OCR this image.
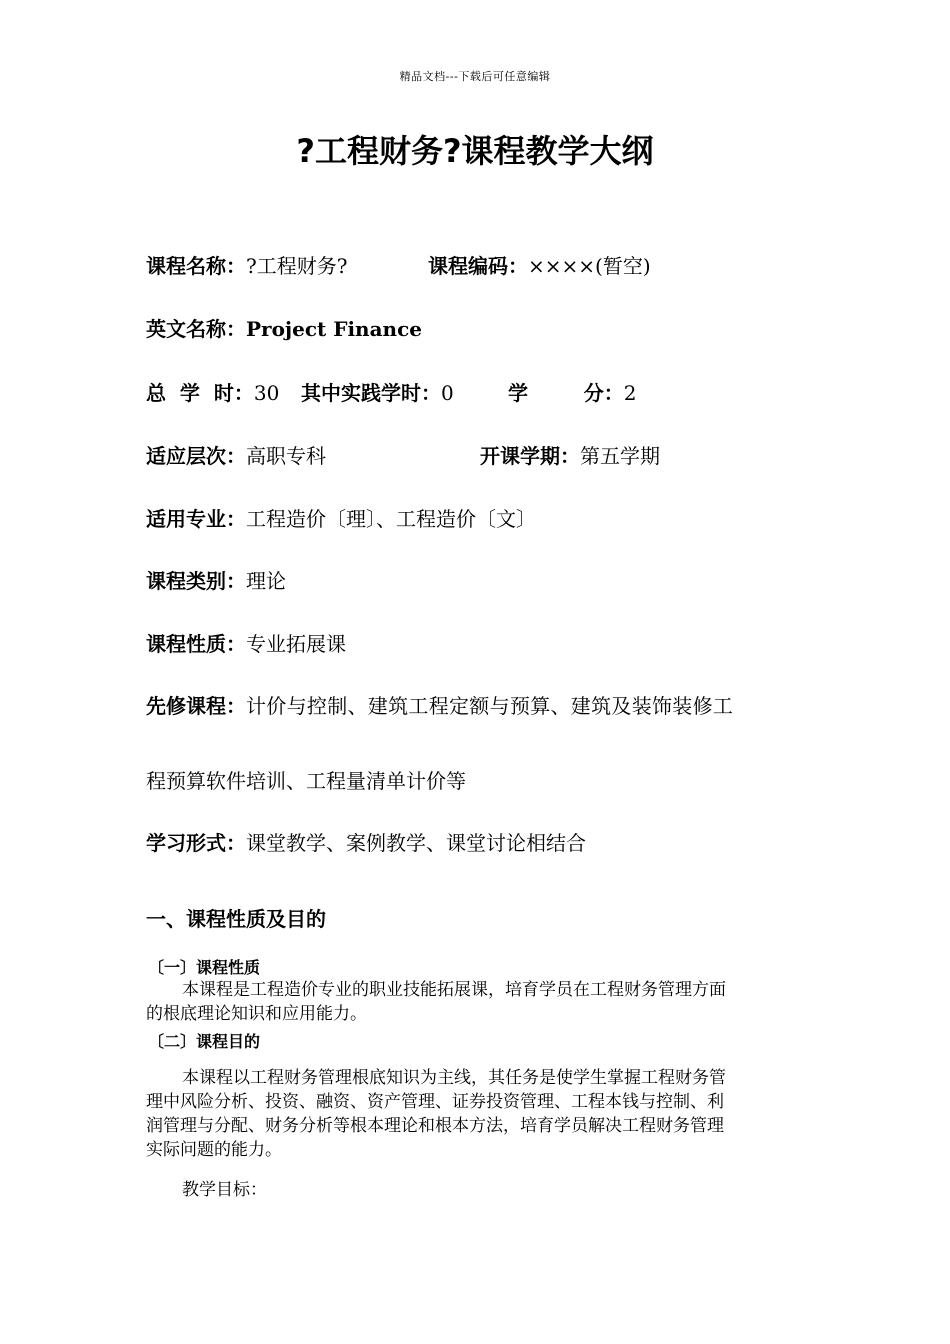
精品文档---下载后可任意编辑
?工程财务?课程教学大纲
课程名称：?工程财务?	课程编码：××××(暂空)
英文名称：Project Finance
总  学  时：30 其中实践学时：0	学        分：2
适应层次：高职专科	开课学期：第五学期
适用专业：工程造价〔理〕、工程造价〔文〕
课程类别：理论
课程性质：专业拓展课
先修课程：计价与控制、建筑工程定额与预算、建筑及装饰装修工
程预算软件培训、工程量清单计价等
学习形式：课堂教学、案例教学、课堂讨论相结合
一、课程性质及目的
〔一〕课程性质
本课程是工程造价专业的职业技能拓展课，培育学员在工程财务管理方面
的根底理论知识和应用能力。
〔二〕课程目的
本课程以工程财务管理根底知识为主线，其任务是使学生掌握工程财务管
理中风险分析、投资、融资、资产管理、证券投资管理、工程本钱与控制、利
润管理与分配、财务分析等根本理论和根本方法，培育学员解决工程财务管理
实际问题的能力。
教学目标：
